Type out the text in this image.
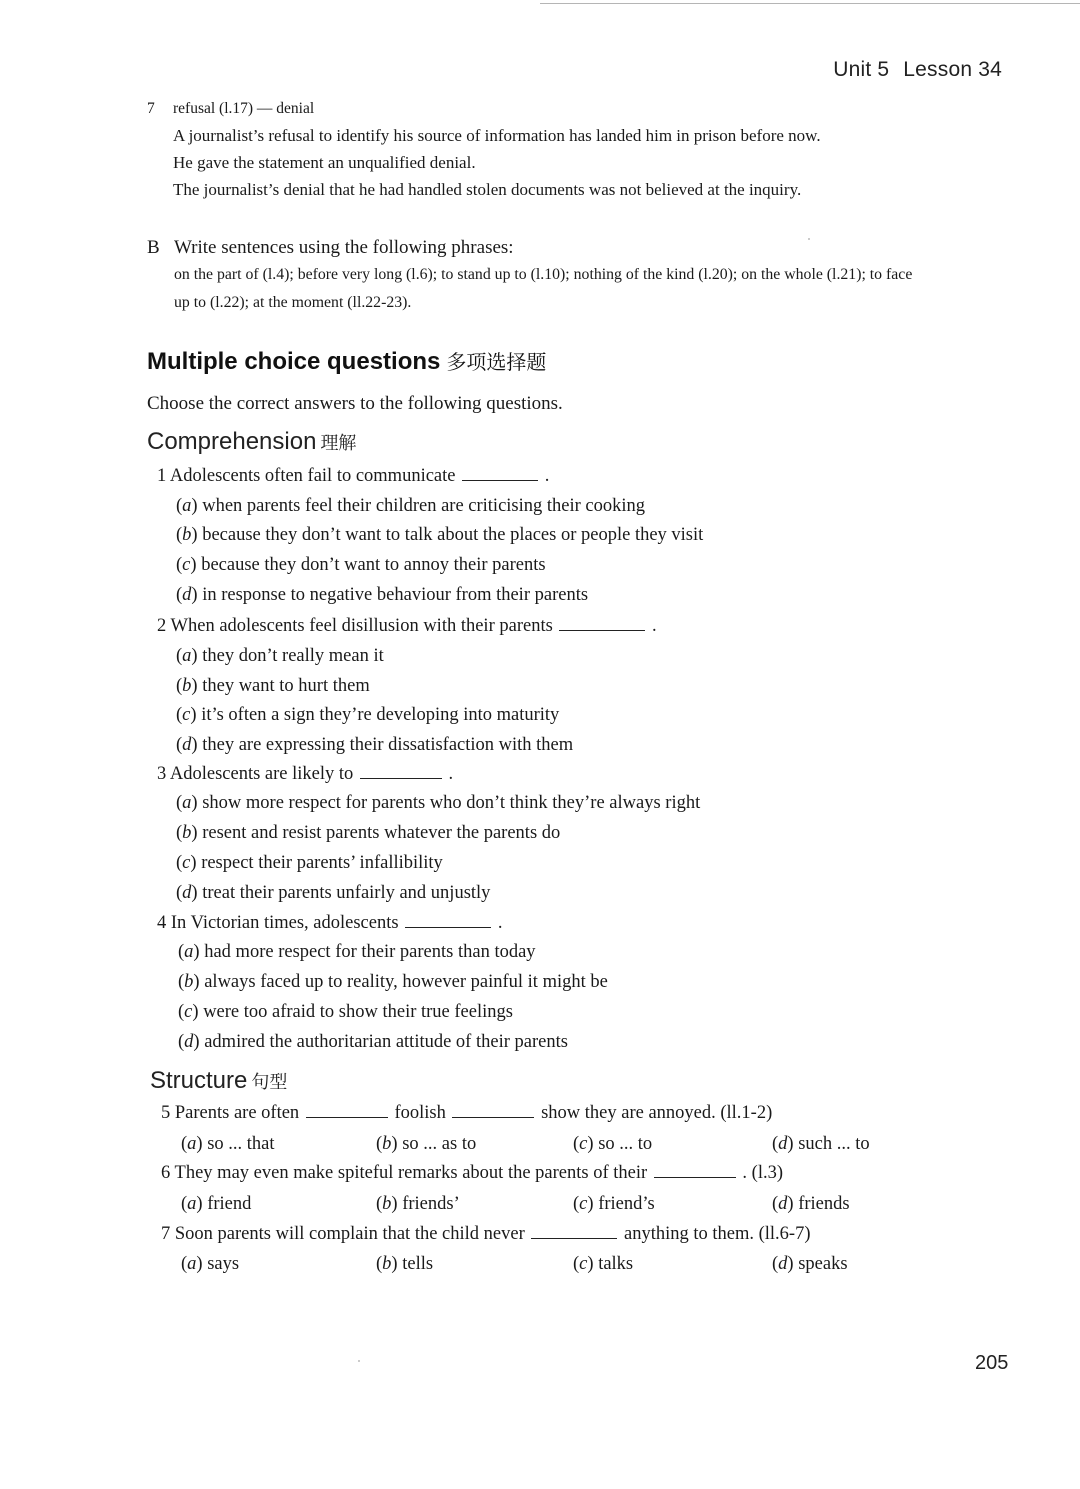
Unit 5 Lesson 34
7 refusal (l.17) — denial
A journalist’s refusal to identify his source of information has landed him in prison before now.
He gave the statement an unqualified denial.
The journalist’s denial that he had handled stolen documents was not believed at the inquiry.
B Write sentences using the following phrases:
on the part of (l.4); before very long (l.6); to stand up to (l.10); nothing of the kind (l.20); on the whole (l.21); to face
up to (l.22); at the moment (ll.22-23).
Multiple choice questions 多项选择题
Choose the correct answers to the following questions.
Comprehension 理解
1 Adolescents often fail to communicate	.
(a) when parents feel their children are criticising their cooking
(b) because they don’t want to talk about the places or people they visit
(c) because they don’t want to annoy their parents
(d) in response to negative behaviour from their parents
2 When adolescents feel disillusion with their parents	.
(a) they don’t really mean it
(b) they want to hurt them
(c) it’s often a sign they’re developing into maturity
(d) they are expressing their dissatisfaction with them
3 Adolescents are likely to	.
(a) show more respect for parents who don’t think they’re always right
(b) resent and resist parents whatever the parents do
(c) respect their parents’ infallibility
(d) treat their parents unfairly and unjustly
4 In Victorian times, adolescents	.
(a) had more respect for their parents than today
(b) always faced up to reality, however painful it might be
(c) were too afraid to show their true feelings
(d) admired the authoritarian attitude of their parents
Structure 句型
5 Parents are often	foolish	show they are annoyed. (ll.1-2)
(a) so ... that	(b) so ... as to	(c) so ... to	(d) such ... to
6 They may even make spiteful remarks about the parents of their	. (l.3)
(a) friend	(b) friends’	(c) friend’s	(d) friends
7 Soon parents will complain that the child never	anything to them. (ll.6-7)
(a) says	(b) tells	(c) talks	(d) speaks
205
